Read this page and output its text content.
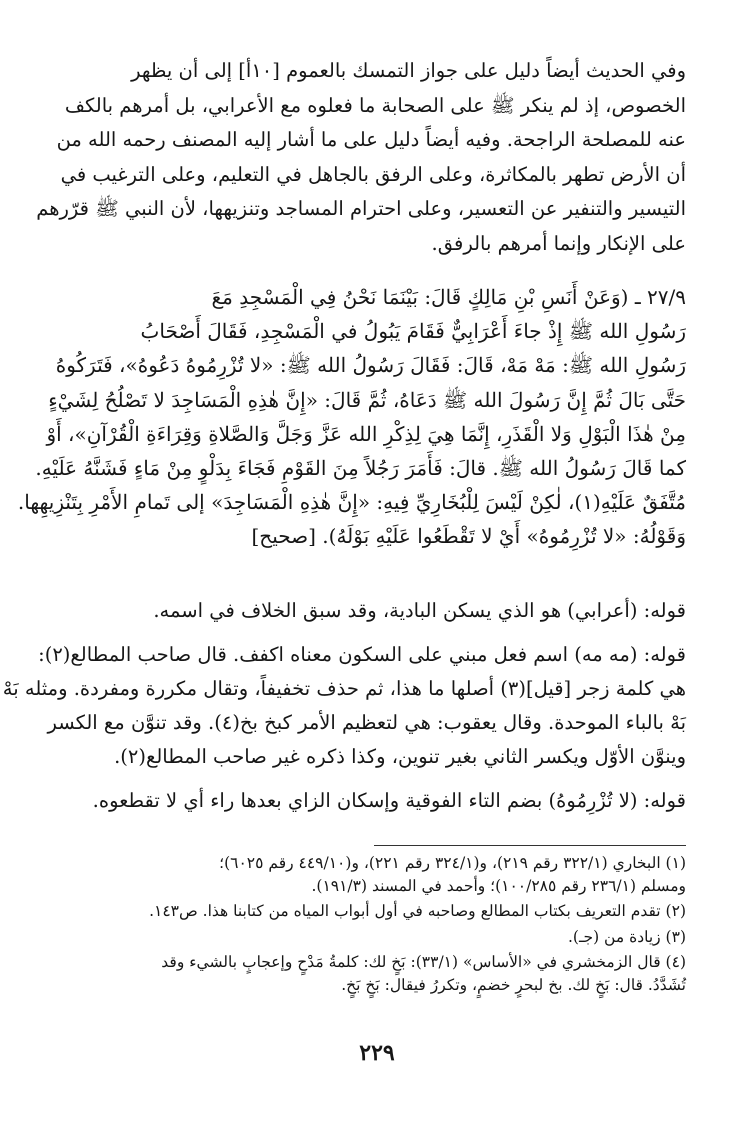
وفي الحديث أيضاً دليل على جواز التمسك بالعموم [١٠أ] إلى أن يظهر
الخصوص، إذ لم ينكر ﷺ على الصحابة ما فعلوه مع الأعرابي، بل أمرهم بالكف
عنه للمصلحة الراجحة. وفيه أيضاً دليل على ما أشار إليه المصنف رحمه الله من
أن الأرض تطهر بالمكاثرة، وعلى الرفق بالجاهل في التعليم، وعلى الترغيب في
التيسير والتنفير عن التعسير، وعلى احترام المساجد وتنزيهها، لأن النبي ﷺ قرّرهم
على الإنكار وإنما أمرهم بالرفق.
٢٧/٩ ـ (وَعَنْ أَنَسِ بْنِ مَالِكٍ قَالَ: بَيْنَمَا نَحْنُ فِي الْمَسْجِدِ مَعَ
رَسُولِ الله ﷺ إِذْ جاءَ أَعْرَابِيٌّ فَقَامَ يَبُولُ في الْمَسْجِدِ، فَقَالَ أَصْحَابُ
رَسُولِ الله ﷺ: مَهْ مَهْ، قَالَ: فَقَالَ رَسُولُ الله ﷺ: «لا تُزْرِمُوهُ دَعُوهُ»، فَتَرَكُوهُ
حَتَّى بَالَ ثُمَّ إِنَّ رَسُولَ الله ﷺ دَعَاهُ، ثُمَّ قَالَ: «إِنَّ هٰذِهِ الْمَسَاجِدَ لا تَصْلُحُ لِشَيْءٍ
مِنْ هٰذَا الْبَوْلِ وَلا الْقَذَرِ، إِنَّمَا هِيَ لِذِكْرِ الله عَزَّ وَجَلَّ وَالصَّلاةِ وَقِرَاءَةِ الْقُرْآنِ»، أَوْ
كما قَالَ رَسُولُ الله ﷺ. قالَ: فَأَمَرَ رَجُلاً مِنَ القَوْمِ فَجَاءَ بِدَلْوٍ مِنْ مَاءٍ فَشَنَّهُ عَلَيْهِ.
مُتَّفَقٌ عَلَيْهِ(١)، لٰكِنْ لَيْسَ لِلْبُخَارِيِّ فِيهِ: «إِنَّ هٰذِهِ الْمَسَاجِدَ» إلى تَمامِ الأَمْرِ بِتَنْزِيهِها.
وَقَوْلُهُ: «لا تُزْرِمُوهُ» أَيْ لا تَقْطَعُوا عَلَيْهِ بَوْلَهُ). [صحيح]
قوله: (أعرابي) هو الذي يسكن البادية، وقد سبق الخلاف في اسمه.
قوله: (مه مه) اسم فعل مبني على السكون معناه اكفف. قال صاحب المطالع(٢):
هي كلمة زجر [قيل](٣) أصلها ما هذا، ثم حذف تخفيفاً، وتقال مكررة ومفردة. ومثله بَهْ
بَهْ بالباء الموحدة. وقال يعقوب: هي لتعظيم الأمر كبخ بخ(٤). وقد تنوَّن مع الكسر
وينوَّن الأوّل ويكسر الثاني بغير تنوين، وكذا ذكره غير صاحب المطالع(٢).
قوله: (لا تُزْرِمُوهُ) بضم التاء الفوقية وإسكان الزاي بعدها راء أي لا تقطعوه.
(١) البخاري (٣٢٢/١ رقم ٢١٩)، و(٣٢٤/١ رقم ٢٢١)، و(٤٤٩/١٠ رقم ٦٠٢٥)؛
ومسلم (٢٣٦/١ رقم ١٠٠/٢٨٥)؛ وأحمد في المسند (١٩١/٣).
(٢) تقدم التعريف بكتاب المطالع وصاحبه في أول أبواب المياه من كتابنا هذا. ص١٤٣.
(٣) زيادة من (جـ).
(٤) قال الزمخشري في «الأساس» (٣٣/١): بَخٍ لك: كلمةُ مَدْحٍ وإعجابٍ بالشيء وقد
تُشَدَّدُ. قال: بَخٍ لك. بخ لبحرٍ خضمٍ، وتكررُ فيقال: بَخٍ بَخٍ.
٢٢٩
